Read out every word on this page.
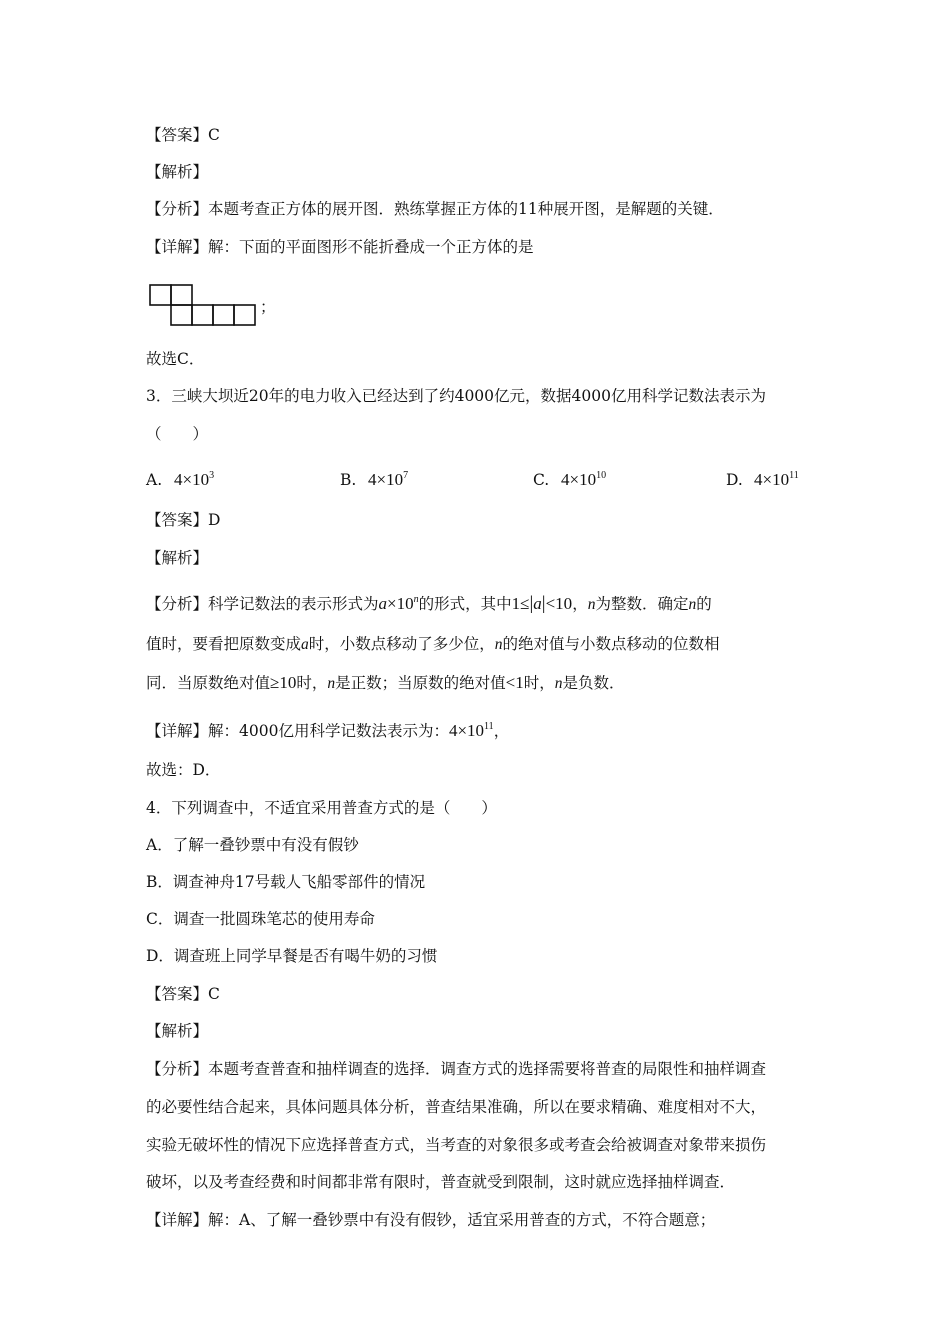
【答案】C
【解析】
【分析】本题考查正方体的展开图．熟练掌握正方体的11种展开图，是解题的关键．
【详解】解：下面的平面图形不能折叠成一个正方体的是
；
故选C．
3．三峡大坝近20年的电力收入已经达到了约4000亿元，数据4000亿用科学记数法表示为
（　　）
A. $4\times 10^3$	B. $4\times 10^7$	C. $4\times 10^{10}$	D. $4\times 10^{11}$
【答案】D
【解析】
【分析】科学记数法的表示形式为$a\times 10^n$的形式，其中1≤|a|<10，n为整数．确定n的
值时，要看把原数变成a时，小数点移动了多少位，n的绝对值与小数点移动的位数相
同．当原数绝对值≥10时，n是正数；当原数的绝对值<1时，n是负数．
【详解】解：4000亿用科学记数法表示为：$4\times 10^{11}$，
故选：D．
4．下列调查中，不适宜采用普查方式的是（　　）
A．了解一叠钞票中有没有假钞
B．调查神舟17号载人飞船零部件的情况
C．调查一批圆珠笔芯的使用寿命
D．调查班上同学早餐是否有喝牛奶的习惯
【答案】C
【解析】
【分析】本题考查普查和抽样调查的选择．调查方式的选择需要将普查的局限性和抽样调查
的必要性结合起来，具体问题具体分析，普查结果准确，所以在要求精确、难度相对不大，
实验无破坏性的情况下应选择普查方式，当考查的对象很多或考查会给被调查对象带来损伤
破坏，以及考查经费和时间都非常有限时，普查就受到限制，这时就应选择抽样调查．
【详解】解：A、了解一叠钞票中有没有假钞，适宜采用普查的方式，不符合题意；
